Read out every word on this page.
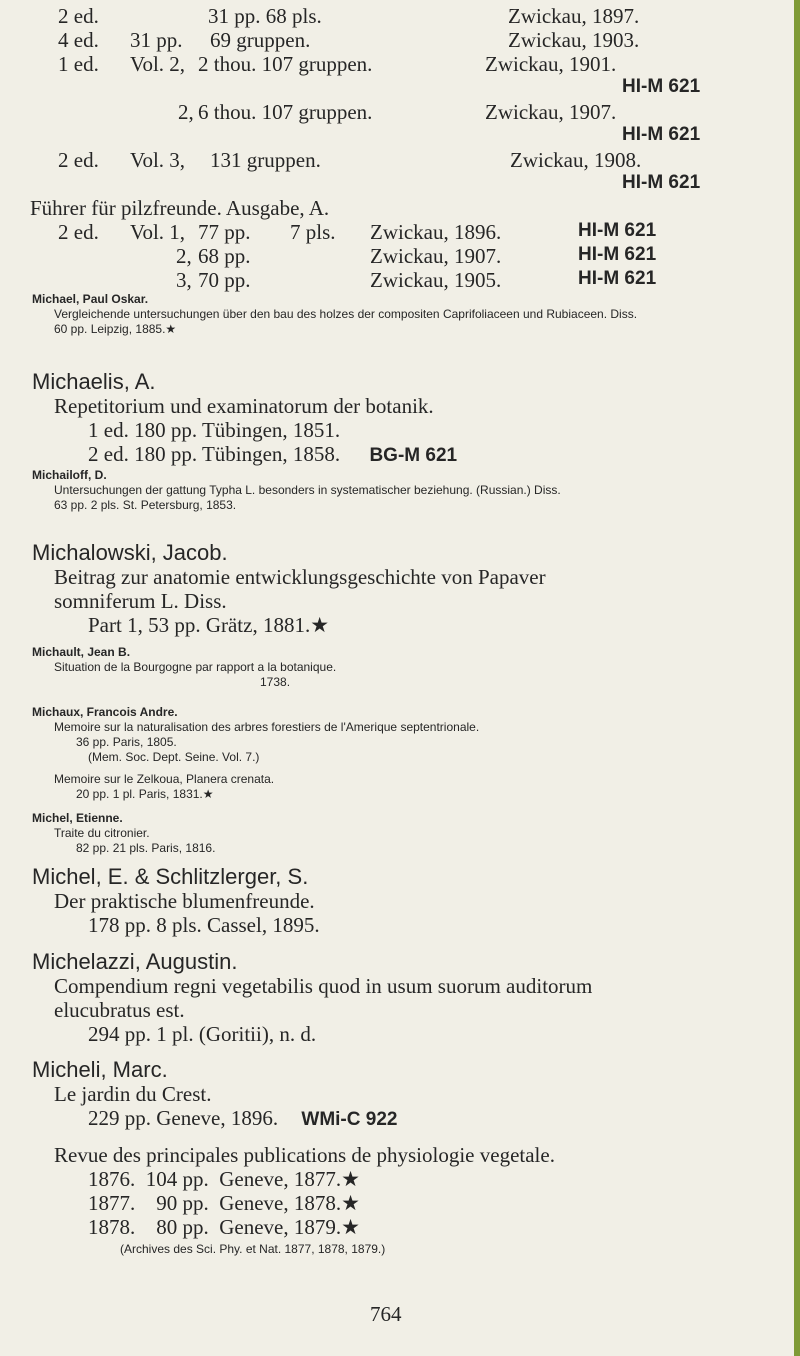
2 ed.	31 pp. 68 pls.	Zwickau, 1897.
4 ed. 31 pp. 69 gruppen.	Zwickau, 1903.
1 ed. Vol. 2, 2 thou. 107 gruppen.	Zwickau, 1901.
HI-M 621
2, 6 thou. 107 gruppen.	Zwickau, 1907.
HI-M 621
2 ed. Vol. 3, 131 gruppen.	Zwickau, 1908.
HI-M 621
Führer für pilzfreunde. Ausgabe, A.
2 ed. Vol. 1, 77 pp. 7 pls. Zwickau, 1896.	HI-M 621
2, 68 pp.	Zwickau, 1907.	HI-M 621
3, 70 pp.	Zwickau, 1905.	HI-M 621
Michael, Paul Oskar.
Vergleichende untersuchungen über den bau des holzes der compositen Caprifoliaceen und Rubiaceen. Diss.
60 pp. Leipzig, 1885.★
Michaelis, A.
Repetitorium und examinatorum der botanik.
1 ed. 180 pp. Tübingen, 1851.
2 ed. 180 pp. Tübingen, 1858. BG-M 621
Michailoff, D.
Untersuchungen der gattung Typha L. besonders in systematischer beziehung. (Russian.) Diss.
63 pp. 2 pls. St. Petersburg, 1853.
Michalowski, Jacob.
Beitrag zur anatomie entwicklungsgeschichte von Papaver
somniferum L. Diss.
Part 1, 53 pp. Grätz, 1881.★
Michault, Jean B.
Situation de la Bourgogne par rapport a la botanique.
1738.
Michaux, Francois Andre.
Memoire sur la naturalisation des arbres forestiers de l'Amerique septentrionale.
36 pp. Paris, 1805.
(Mem. Soc. Dept. Seine. Vol. 7.)
Memoire sur le Zelkoua, Planera crenata.
20 pp. 1 pl. Paris, 1831.★
Michel, Etienne.
Traite du citronier.
82 pp. 21 pls. Paris, 1816.
Michel, E. & Schlitzlerger, S.
Der praktische blumenfreunde.
178 pp. 8 pls. Cassel, 1895.
Michelazzi, Augustin.
Compendium regni vegetabilis quod in usum suorum auditorum
elucubratus est.
294 pp. 1 pl. (Goritii), n. d.
Micheli, Marc.
Le jardin du Crest.
229 pp. Geneve, 1896. WMi-C 922
Revue des principales publications de physiologie vegetale.
1876.  104 pp.  Geneve, 1877.★
1877.    90 pp.  Geneve, 1878.★
1878.    80 pp.  Geneve, 1879.★
(Archives des Sci. Phy. et Nat. 1877, 1878, 1879.)
764
